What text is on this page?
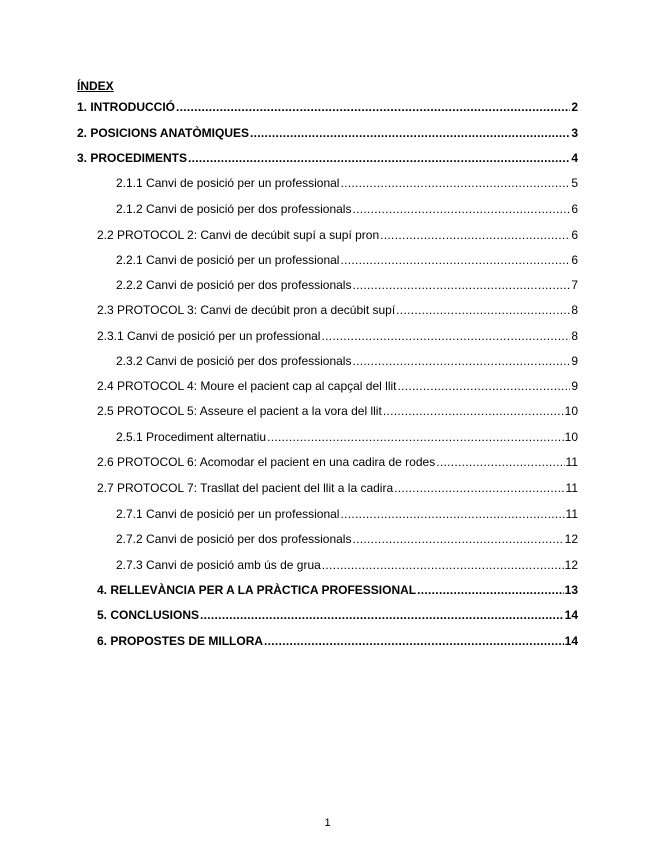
ÍNDEX
1. INTRODUCCIÓ .....	2
2. POSICIONS ANATÒMIQUES .....	3
3. PROCEDIMENTS .....	4
2.1.1 Canvi de posició per un professional .....	5
2.1.2 Canvi de posició per dos professionals .....	6
2.2 PROTOCOL 2: Canvi de decúbit supí a supí pron .....	6
2.2.1 Canvi de posició per un professional .....	6
2.2.2 Canvi de posició per dos professionals .....	7
2.3 PROTOCOL 3: Canvi de decúbit pron a decúbit supí .....	8
2.3.1 Canvi de posició per un professional .....	8
2.3.2 Canvi de posició per dos professionals .....	9
2.4 PROTOCOL 4: Moure el pacient cap al capçal del llit .....	9
2.5 PROTOCOL 5: Asseure el pacient a la vora del llit .....	10
2.5.1 Procediment alternatiu .....	10
2.6 PROTOCOL 6: Acomodar el pacient en una cadira de rodes .....	11
2.7 PROTOCOL 7: Trasllat del pacient del llit a la cadira .....	11
2.7.1 Canvi de posició per un professional .....	11
2.7.2 Canvi de posició per dos professionals .....	12
2.7.3 Canvi de posició amb ús de grua .....	12
4. RELLEVÀNCIA PER A LA PRÀCTICA PROFESSIONAL .....	13
5. CONCLUSIONS .....	14
6. PROPOSTES DE MILLORA .....	14
1
